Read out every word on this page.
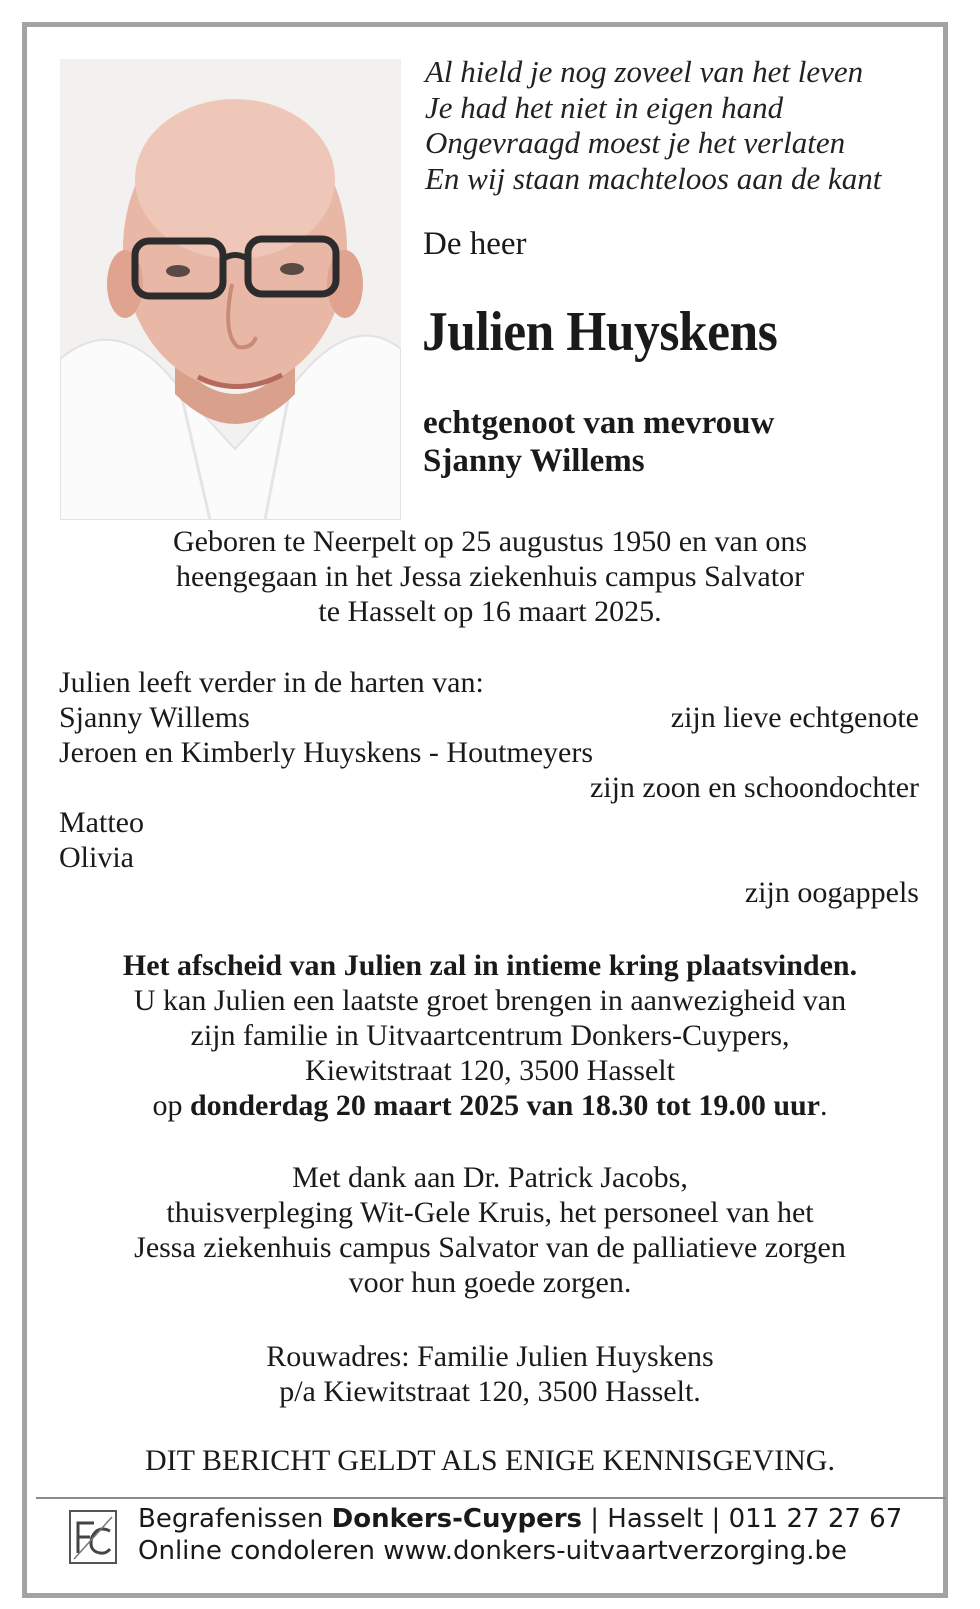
Al hield je nog zoveel van het leven
Je had het niet in eigen hand
Ongevraagd moest je het verlaten
En wij staan machteloos aan de kant
De heer
Julien Huyskens
echtgenoot van mevrouw
Sjanny Willems
Geboren te Neerpelt op 25 augustus 1950 en van ons
heengegaan in het Jessa ziekenhuis campus Salvator
te Hasselt op 16 maart 2025.
Julien leeft verder in de harten van:
Sjanny Willems	zijn lieve echtgenote
Jeroen en Kimberly Huyskens - Houtmeyers
zijn zoon en schoondochter
Matteo
Olivia
zijn oogappels
Het afscheid van Julien zal in intieme kring plaatsvinden.
U kan Julien een laatste groet brengen in aanwezigheid van
zijn familie in Uitvaartcentrum Donkers-Cuypers,
Kiewitstraat 120, 3500 Hasselt
op donderdag 20 maart 2025 van 18.30 tot 19.00 uur.
Met dank aan Dr. Patrick Jacobs,
thuisverpleging Wit-Gele Kruis, het personeel van het
Jessa ziekenhuis campus Salvator van de palliatieve zorgen
voor hun goede zorgen.
Rouwadres: Familie Julien Huyskens
p/a Kiewitstraat 120, 3500 Hasselt.
DIT BERICHT GELDT ALS ENIGE KENNISGEVING.
Begrafenissen Donkers-Cuypers | Hasselt | 011 27 27 67
Online condoleren www.donkers-uitvaartverzorging.be
